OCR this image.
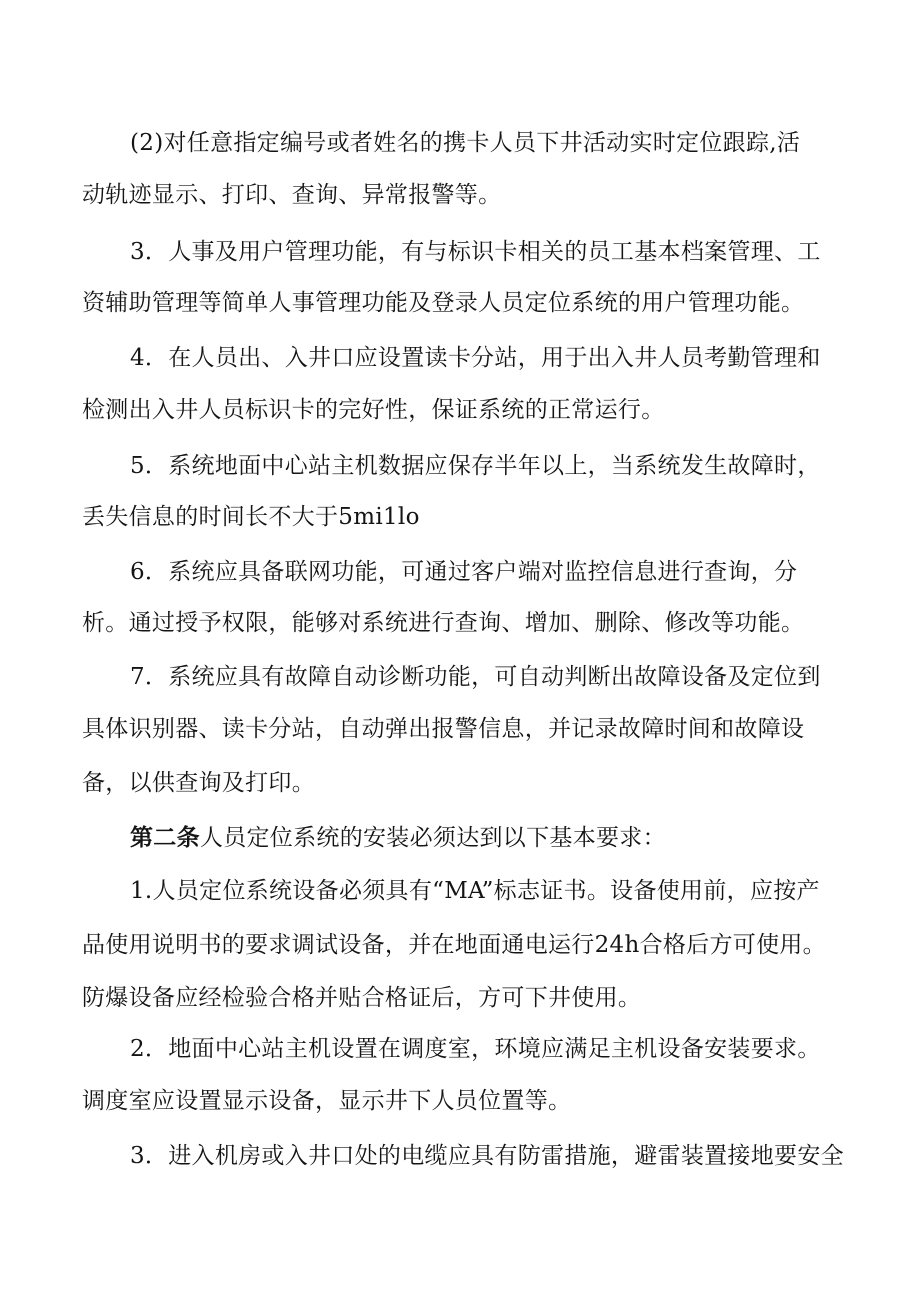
(2)对任意指定编号或者姓名的携卡人员下井活动实时定位跟踪,活

动轨迹显示、打印、查询、异常报警等。

3．人事及用户管理功能，有与标识卡相关的员工基本档案管理、工

资辅助管理等简单人事管理功能及登录人员定位系统的用户管理功能。

4．在人员出、入井口应设置读卡分站，用于出入井人员考勤管理和

检测出入井人员标识卡的完好性，保证系统的正常运行。

5．系统地面中心站主机数据应保存半年以上，当系统发生故障时，

丢失信息的时间长不大于5mi1lo

6．系统应具备联网功能，可通过客户端对监控信息进行查询，分

析。通过授予权限，能够对系统进行查询、增加、删除、修改等功能。

7．系统应具有故障自动诊断功能，可自动判断出故障设备及定位到

具体识别器、读卡分站，自动弹出报警信息，并记录故障时间和故障设

备，以供查询及打印。

第二条人员定位系统的安装必须达到以下基本要求：

1.人员定位系统设备必须具有“MA”标志证书。设备使用前，应按产

品使用说明书的要求调试设备，并在地面通电运行24h合格后方可使用。

防爆设备应经检验合格并贴合格证后，方可下井使用。

2．地面中心站主机设置在调度室，环境应满足主机设备安装要求。

调度室应设置显示设备，显示井下人员位置等。

3．进入机房或入井口处的电缆应具有防雷措施，避雷装置接地要安全
